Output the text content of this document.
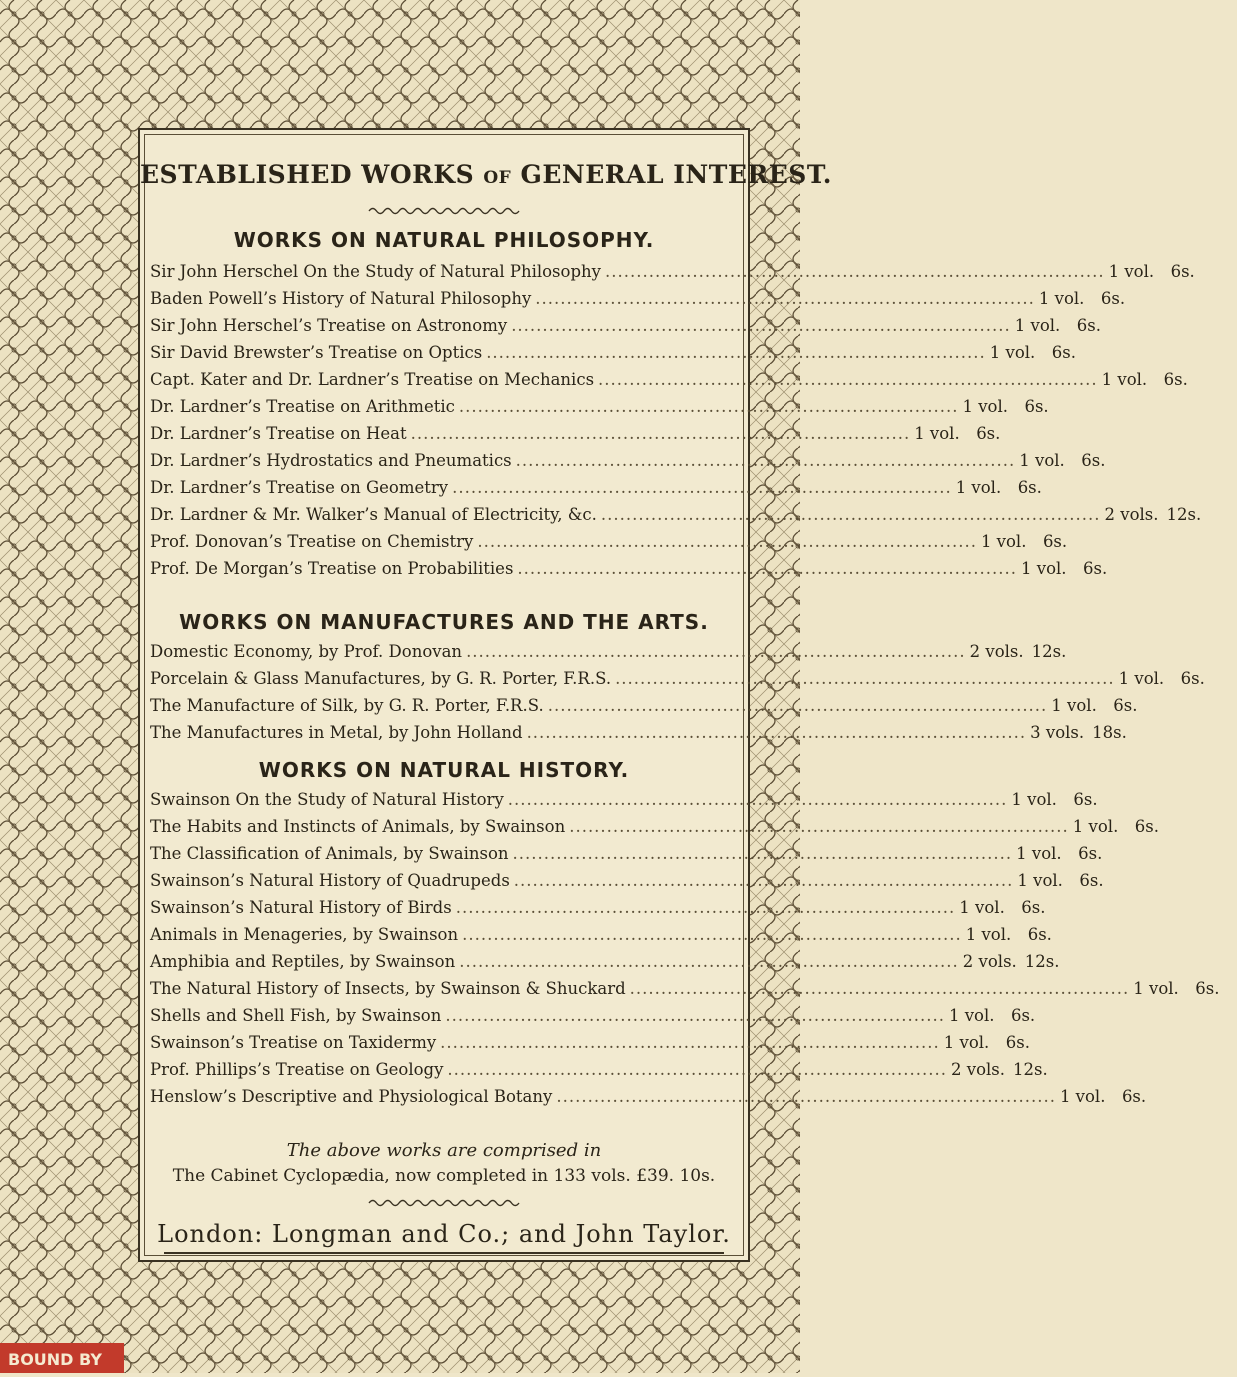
ESTABLISHED WORKS OF GENERAL INTEREST.
WORKS ON NATURAL PHILOSOPHY.
Sir John Herschel On the Study of Natural Philosophy .....	1 vol. 6s.
Baden Powell’s History of Natural Philosophy .....	1 vol. 6s.
Sir John Herschel’s Treatise on Astronomy .....	1 vol. 6s.
Sir David Brewster’s Treatise on Optics .....	1 vol. 6s.
Capt. Kater and Dr. Lardner’s Treatise on Mechanics .....	1 vol. 6s.
Dr. Lardner’s Treatise on Arithmetic .....	1 vol. 6s.
Dr. Lardner’s Treatise on Heat .....	1 vol. 6s.
Dr. Lardner’s Hydrostatics and Pneumatics .....	1 vol. 6s.
Dr. Lardner’s Treatise on Geometry .....	1 vol. 6s.
Dr. Lardner & Mr. Walker’s Manual of Electricity, &c. .....	2 vols. 12s.
Prof. Donovan’s Treatise on Chemistry .....	1 vol. 6s.
Prof. De Morgan’s Treatise on Probabilities .....	1 vol. 6s.
WORKS ON MANUFACTURES AND THE ARTS.
Domestic Economy, by Prof. Donovan .....	2 vols. 12s.
Porcelain & Glass Manufactures, by G. R. Porter, F.R.S. .....	1 vol. 6s.
The Manufacture of Silk, by G. R. Porter, F.R.S. .....	1 vol. 6s.
The Manufactures in Metal, by John Holland .....	3 vols. 18s.
WORKS ON NATURAL HISTORY.
Swainson On the Study of Natural History .....	1 vol. 6s.
The Habits and Instincts of Animals, by Swainson .....	1 vol. 6s.
The Classification of Animals, by Swainson .....	1 vol. 6s.
Swainson’s Natural History of Quadrupeds .....	1 vol. 6s.
Swainson’s Natural History of Birds .....	1 vol. 6s.
Animals in Menageries, by Swainson .....	1 vol. 6s.
Amphibia and Reptiles, by Swainson .....	2 vols. 12s.
The Natural History of Insects, by Swainson & Shuckard .....	1 vol. 6s.
Shells and Shell Fish, by Swainson .....	1 vol. 6s.
Swainson’s Treatise on Taxidermy .....	1 vol. 6s.
Prof. Phillips’s Treatise on Geology .....	2 vols. 12s.
Henslow’s Descriptive and Physiological Botany .....	1 vol. 6s.
The above works are comprised in
The Cabinet Cyclopædia, now completed in 133 vols. £39. 10s.
London: Longman and Co.; and John Taylor.
BOUND BY
